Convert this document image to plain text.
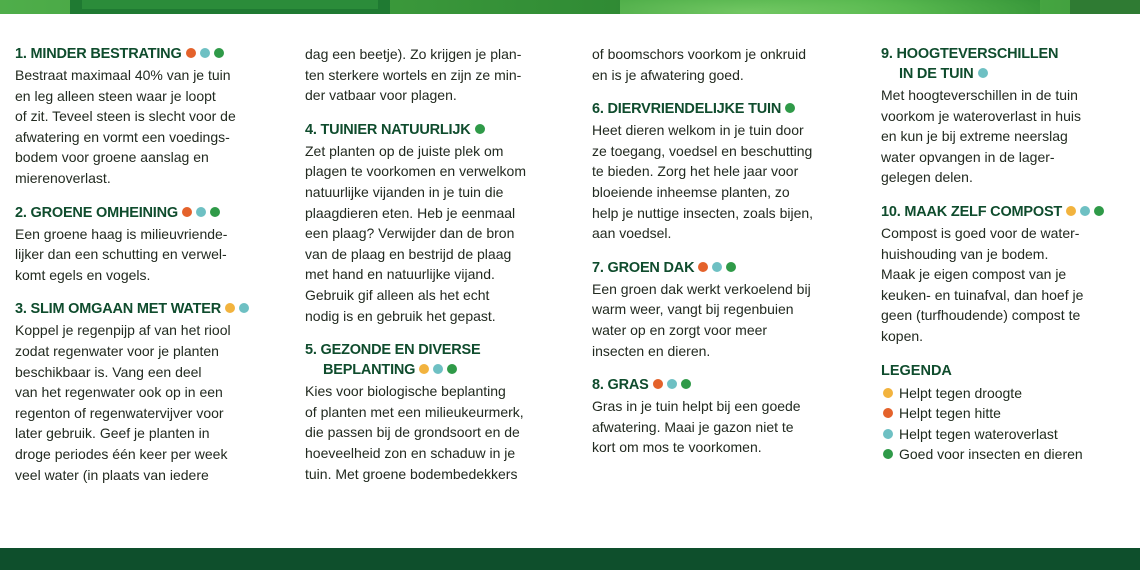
1. MINDER BESTRATING

Bestraat maximaal 40% van je tuin
en leg alleen steen waar je loopt
of zit. Teveel steen is slecht voor de
afwatering en vormt een voedings-
bodem voor groene aanslag en
mierenoverlast.

2. GROENE OMHEINING

Een groene haag is milieuvriende-
lijker dan een schutting en verwel-
komt egels en vogels.

3. SLIM OMGAAN MET WATER

Koppel je regenpijp af van het riool
zodat regenwater voor je planten
beschikbaar is. Vang een deel
van het regenwater ook op in een
regenton of regenwatervijver voor
later gebruik. Geef je planten in
droge periodes één keer per week
veel water (in plaats van iedere

dag een beetje). Zo krijgen je plan-
ten sterkere wortels en zijn ze min-
der vatbaar voor plagen.

4. TUINIER NATUURLIJK

Zet planten op de juiste plek om
plagen te voorkomen en verwelkom
natuurlijke vijanden in je tuin die
plaagdieren eten. Heb je eenmaal
een plaag? Verwijder dan de bron
van de plaag en bestrijd de plaag
met hand en natuurlijke vijand.
Gebruik gif alleen als het echt
nodig is en gebruik het gepast.

5. GEZONDE EN DIVERSE
BEPLANTING

Kies voor biologische beplanting
of planten met een milieukeurmerk,
die passen bij de grondsoort en de
hoeveelheid zon en schaduw in je
tuin. Met groene bodembedekkers

of boomschors voorkom je onkruid
en is je afwatering goed.

6. DIERVRIENDELIJKE TUIN

Heet dieren welkom in je tuin door
ze toegang, voedsel en beschutting
te bieden. Zorg het hele jaar voor
bloeiende inheemse planten, zo
help je nuttige insecten, zoals bijen,
aan voedsel.

7. GROEN DAK

Een groen dak werkt verkoelend bij
warm weer, vangt bij regenbuien
water op en zorgt voor meer
insecten en dieren.

8. GRAS

Gras in je tuin helpt bij een goede
afwatering. Maai je gazon niet te
kort om mos te voorkomen.

9. HOOGTEVERSCHILLEN
IN DE TUIN

Met hoogteverschillen in de tuin
voorkom je wateroverlast in huis
en kun je bij extreme neerslag
water opvangen in de lager-
gelegen delen.

10. MAAK ZELF COMPOST

Compost is goed voor de water-
huishouding van je bodem.
Maak je eigen compost van je
keuken- en tuinafval, dan hoef je
geen (turfhoudende) compost te
kopen.

LEGENDA
Helpt tegen droogte
Helpt tegen hitte
Helpt tegen wateroverlast
Goed voor insecten en dieren
